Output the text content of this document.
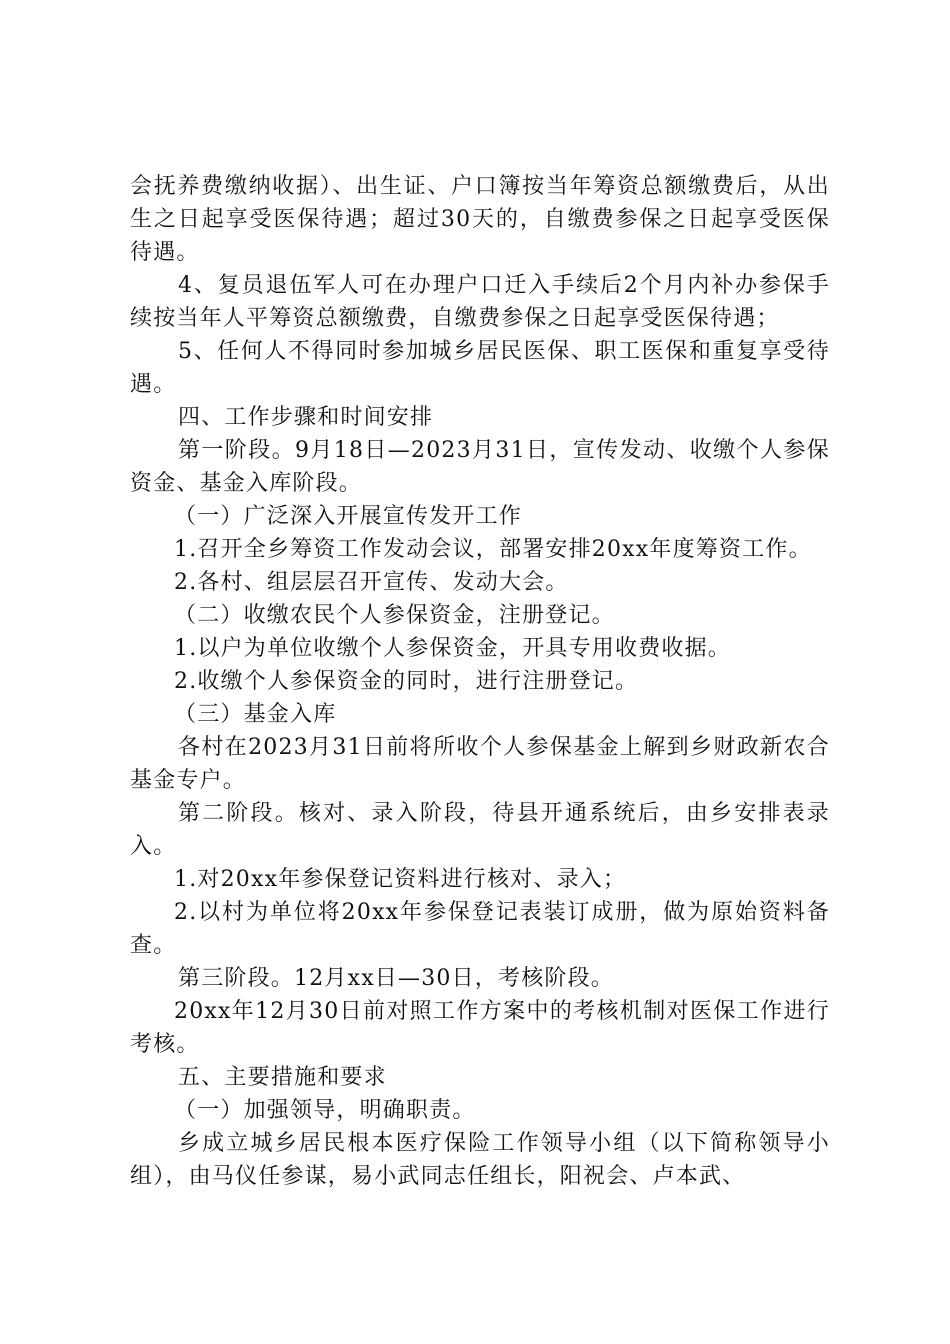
会抚养费缴纳收据）、出生证、户口簿按当年筹资总额缴费后，从出生之日起享受医保待遇；超过30天的，自缴费参保之日起享受医保待遇。

4、复员退伍军人可在办理户口迁入手续后2个月内补办参保手续按当年人平筹资总额缴费，自缴费参保之日起享受医保待遇；

5、任何人不得同时参加城乡居民医保、职工医保和重复享受待遇。

四、工作步骤和时间安排

第一阶段。9月18日—2023月31日，宣传发动、收缴个人参保资金、基金入库阶段。

（一）广泛深入开展宣传发开工作

1.召开全乡筹资工作发动会议，部署安排20xx年度筹资工作。

2.各村、组层层召开宣传、发动大会。

（二）收缴农民个人参保资金，注册登记。

1.以户为单位收缴个人参保资金，开具专用收费收据。

2.收缴个人参保资金的同时，进行注册登记。

（三）基金入库

各村在2023月31日前将所收个人参保基金上解到乡财政新农合基金专户。

第二阶段。核对、录入阶段，待县开通系统后，由乡安排表录入。

1.对20xx年参保登记资料进行核对、录入；

2.以村为单位将20xx年参保登记表装订成册，做为原始资料备查。

第三阶段。12月xx日—30日，考核阶段。

20xx年12月30日前对照工作方案中的考核机制对医保工作进行考核。

五、主要措施和要求

（一）加强领导，明确职责。

乡成立城乡居民根本医疗保险工作领导小组（以下简称领导小组），由马仪任参谋，易小武同志任组长，阳祝会、卢本武、
